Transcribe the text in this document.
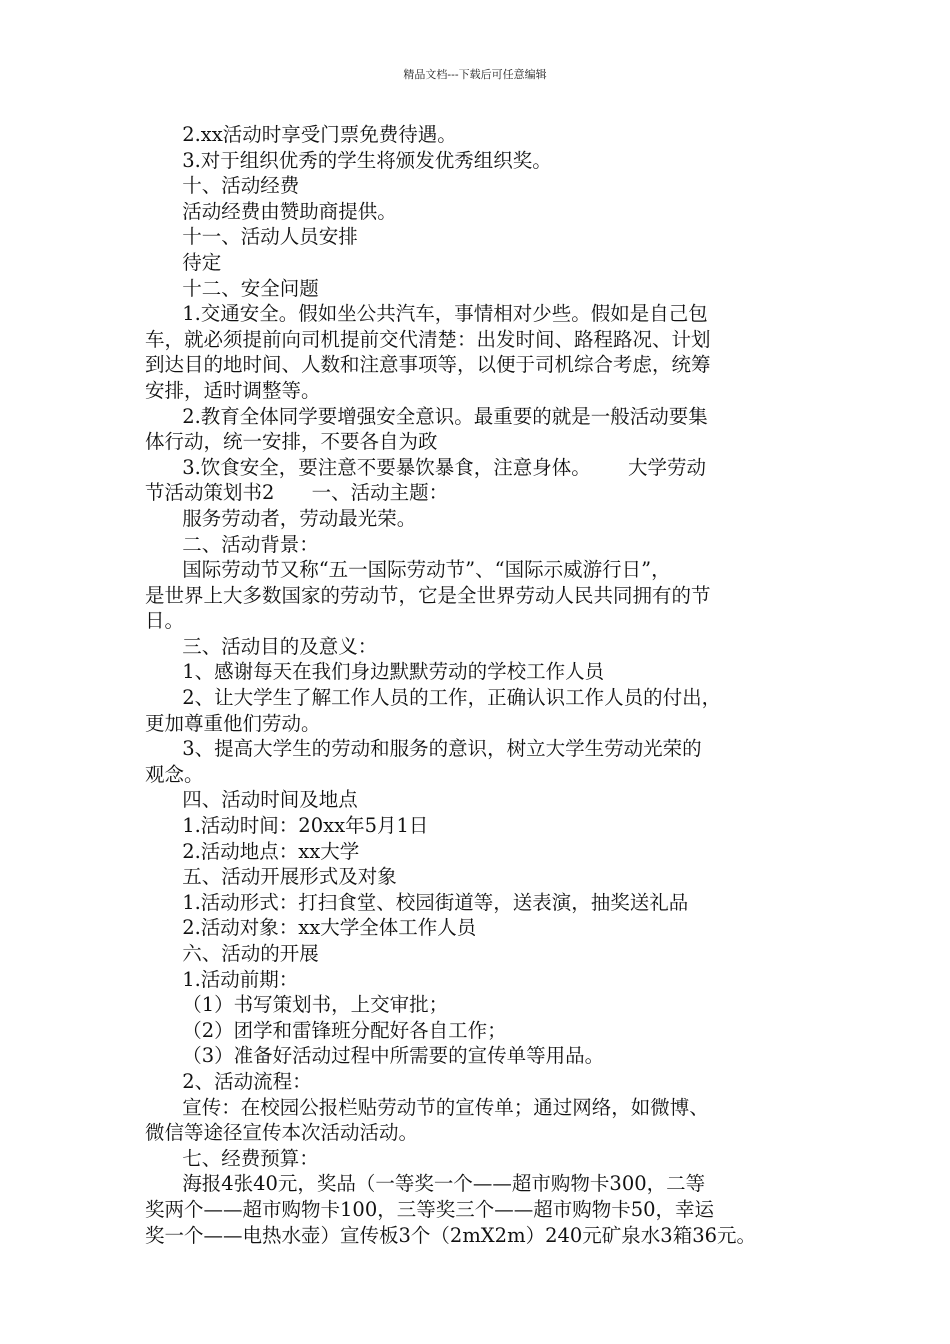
精品文档---下载后可任意编辑
2.xx活动时享受门票免费待遇。
3.对于组织优秀的学生将颁发优秀组织奖。
十、活动经费
活动经费由赞助商提供。
十一、活动人员安排
待定
十二、安全问题
1.交通安全。假如坐公共汽车，事情相对少些。假如是自己包
车，就必须提前向司机提前交代清楚：出发时间、路程路况、计划
到达目的地时间、人数和注意事项等，以便于司机综合考虑，统筹
安排，适时调整等。
2.教育全体同学要增强安全意识。最重要的就是一般活动要集
体行动，统一安排，不要各自为政
3.饮食安全，要注意不要暴饮暴食，注意身体。      大学劳动
节活动策划书2      一、活动主题：
服务劳动者，劳动最光荣。
二、活动背景：
国际劳动节又称“五一国际劳动节”、“国际示威游行日”，
是世界上大多数国家的劳动节，它是全世界劳动人民共同拥有的节
日。
三、活动目的及意义：
1、感谢每天在我们身边默默劳动的学校工作人员
2、让大学生了解工作人员的工作，正确认识工作人员的付出，
更加尊重他们劳动。
3、提高大学生的劳动和服务的意识，树立大学生劳动光荣的
观念。
四、活动时间及地点
1.活动时间：20xx年5月1日
2.活动地点：xx大学
五、活动开展形式及对象
1.活动形式：打扫食堂、校园街道等，送表演，抽奖送礼品
2.活动对象：xx大学全体工作人员
六、活动的开展
1.活动前期：
（1）书写策划书，上交审批；
（2）团学和雷锋班分配好各自工作；
（3）准备好活动过程中所需要的宣传单等用品。
2、活动流程：
宣传：在校园公报栏贴劳动节的宣传单；通过网络，如微博、
微信等途径宣传本次活动活动。
七、经费预算：
海报4张40元，奖品（一等奖一个——超市购物卡300，二等
奖两个——超市购物卡100，三等奖三个——超市购物卡50，幸运
奖一个——电热水壶）宣传板3个（2mX2m）240元矿泉水3箱36元。
